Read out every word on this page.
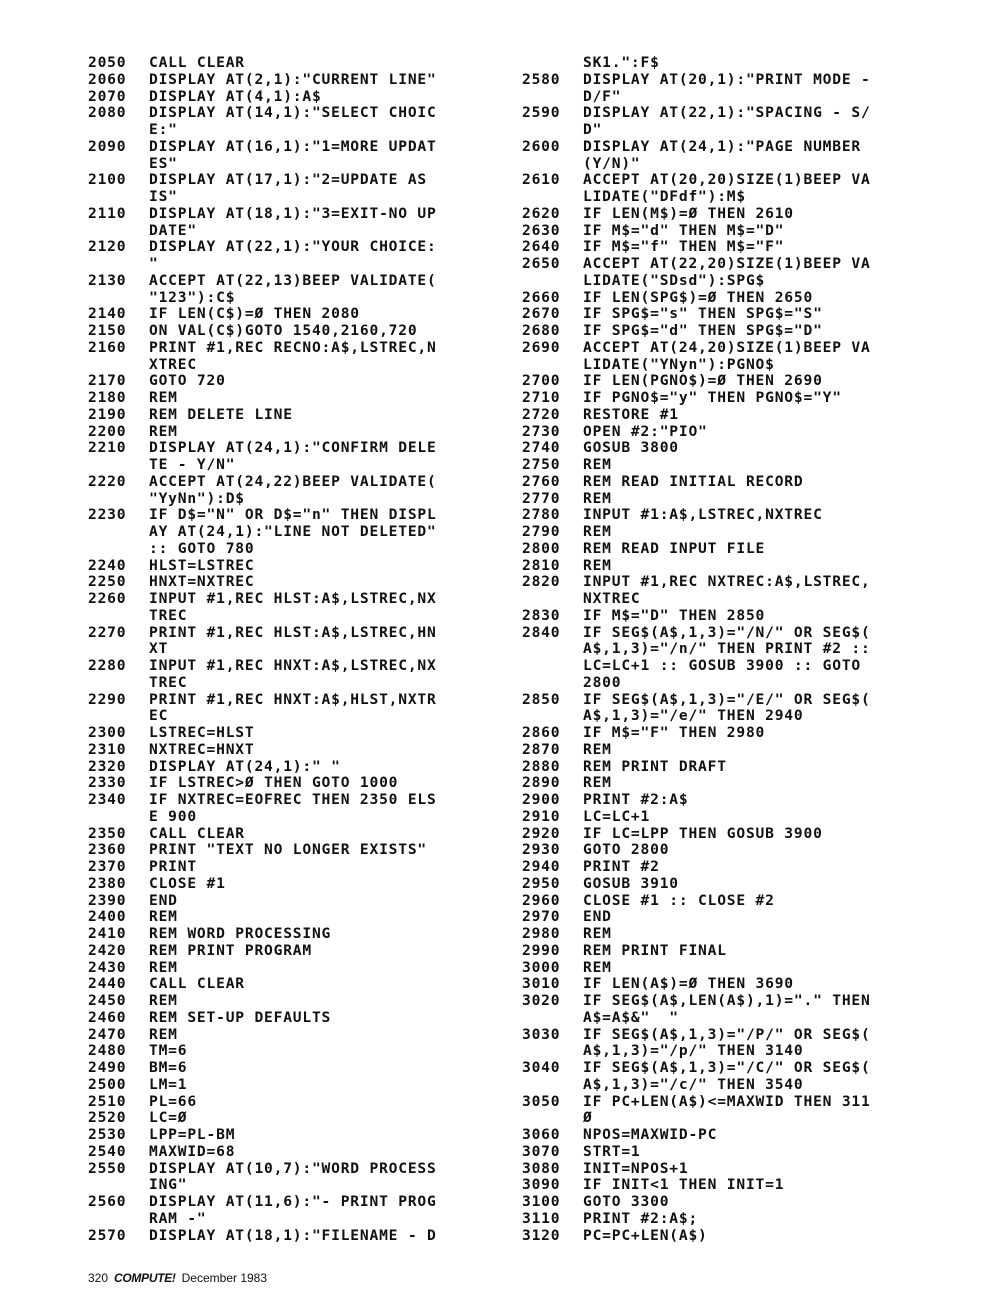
2050	CALL CLEAR
2060	DISPLAY AT(2,1):"CURRENT LINE"
2070	DISPLAY AT(4,1):A$
2080	DISPLAY AT(14,1):"SELECT CHOIC
E:"
2090	DISPLAY AT(16,1):"1=MORE UPDAT
ES"
2100	DISPLAY AT(17,1):"2=UPDATE AS
IS"
2110	DISPLAY AT(18,1):"3=EXIT-NO UP
DATE"
2120	DISPLAY AT(22,1):"YOUR CHOICE:
"
2130	ACCEPT AT(22,13)BEEP VALIDATE(
"123"):C$
2140	IF LEN(C$)=Ø THEN 2080
2150	ON VAL(C$)GOTO 1540,2160,720
2160	PRINT #1,REC RECNO:A$,LSTREC,N
XTREC
2170	GOTO 720
2180	REM
2190	REM DELETE LINE
2200	REM
2210	DISPLAY AT(24,1):"CONFIRM DELE
TE - Y/N"
2220	ACCEPT AT(24,22)BEEP VALIDATE(
"YyNn"):D$
2230	IF D$="N" OR D$="n" THEN DISPL
AY AT(24,1):"LINE NOT DELETED"
:: GOTO 780
2240	HLST=LSTREC
2250	HNXT=NXTREC
2260	INPUT #1,REC HLST:A$,LSTREC,NX
TREC
2270	PRINT #1,REC HLST:A$,LSTREC,HN
XT
2280	INPUT #1,REC HNXT:A$,LSTREC,NX
TREC
2290	PRINT #1,REC HNXT:A$,HLST,NXTR
EC
2300	LSTREC=HLST
2310	NXTREC=HNXT
2320	DISPLAY AT(24,1):" "
2330	IF LSTREC>Ø THEN GOTO 1000
2340	IF NXTREC=EOFREC THEN 2350 ELS
E 900
2350	CALL CLEAR
2360	PRINT "TEXT NO LONGER EXISTS"
2370	PRINT
2380	CLOSE #1
2390	END
2400	REM
2410	REM WORD PROCESSING
2420	REM PRINT PROGRAM
2430	REM
2440	CALL CLEAR
2450	REM
2460	REM SET-UP DEFAULTS
2470	REM
2480	TM=6
2490	BM=6
2500	LM=1
2510	PL=66
2520	LC=Ø
2530	LPP=PL-BM
2540	MAXWID=68
2550	DISPLAY AT(10,7):"WORD PROCESS
ING"
2560	DISPLAY AT(11,6):"- PRINT PROG
RAM -"
2570	DISPLAY AT(18,1):"FILENAME - D
SK1.":F$
2580	DISPLAY AT(20,1):"PRINT MODE -
D/F"
2590	DISPLAY AT(22,1):"SPACING - S/
D"
2600	DISPLAY AT(24,1):"PAGE NUMBER
(Y/N)"
2610	ACCEPT AT(20,20)SIZE(1)BEEP VA
LIDATE("DFdf"):M$
2620	IF LEN(M$)=Ø THEN 2610
2630	IF M$="d" THEN M$="D"
2640	IF M$="f" THEN M$="F"
2650	ACCEPT AT(22,20)SIZE(1)BEEP VA
LIDATE("SDsd"):SPG$
2660	IF LEN(SPG$)=Ø THEN 2650
2670	IF SPG$="s" THEN SPG$="S"
2680	IF SPG$="d" THEN SPG$="D"
2690	ACCEPT AT(24,20)SIZE(1)BEEP VA
LIDATE("YNyn"):PGNO$
2700	IF LEN(PGNO$)=Ø THEN 2690
2710	IF PGNO$="y" THEN PGNO$="Y"
2720	RESTORE #1
2730	OPEN #2:"PIO"
2740	GOSUB 3800
2750	REM
2760	REM READ INITIAL RECORD
2770	REM
2780	INPUT #1:A$,LSTREC,NXTREC
2790	REM
2800	REM READ INPUT FILE
2810	REM
2820	INPUT #1,REC NXTREC:A$,LSTREC,
NXTREC
2830	IF M$="D" THEN 2850
2840	IF SEG$(A$,1,3)="/N/" OR SEG$(
A$,1,3)="/n/" THEN PRINT #2 ::
LC=LC+1 :: GOSUB 3900 :: GOTO
2800
2850	IF SEG$(A$,1,3)="/E/" OR SEG$(
A$,1,3)="/e/" THEN 2940
2860	IF M$="F" THEN 2980
2870	REM
2880	REM PRINT DRAFT
2890	REM
2900	PRINT #2:A$
2910	LC=LC+1
2920	IF LC=LPP THEN GOSUB 3900
2930	GOTO 2800
2940	PRINT #2
2950	GOSUB 3910
2960	CLOSE #1 :: CLOSE #2
2970	END
2980	REM
2990	REM PRINT FINAL
3000	REM
3010	IF LEN(A$)=Ø THEN 3690
3020	IF SEG$(A$,LEN(A$),1)="." THEN
A$=A$&"  "
3030	IF SEG$(A$,1,3)="/P/" OR SEG$(
A$,1,3)="/p/" THEN 3140
3040	IF SEG$(A$,1,3)="/C/" OR SEG$(
A$,1,3)="/c/" THEN 3540
3050	IF PC+LEN(A$)<=MAXWID THEN 311
Ø
3060	NPOS=MAXWID-PC
3070	STRT=1
3080	INIT=NPOS+1
3090	IF INIT<1 THEN INIT=1
3100	GOTO 3300
3110	PRINT #2:A$;
3120	PC=PC+LEN(A$)
320 COMPUTE! December 1983
